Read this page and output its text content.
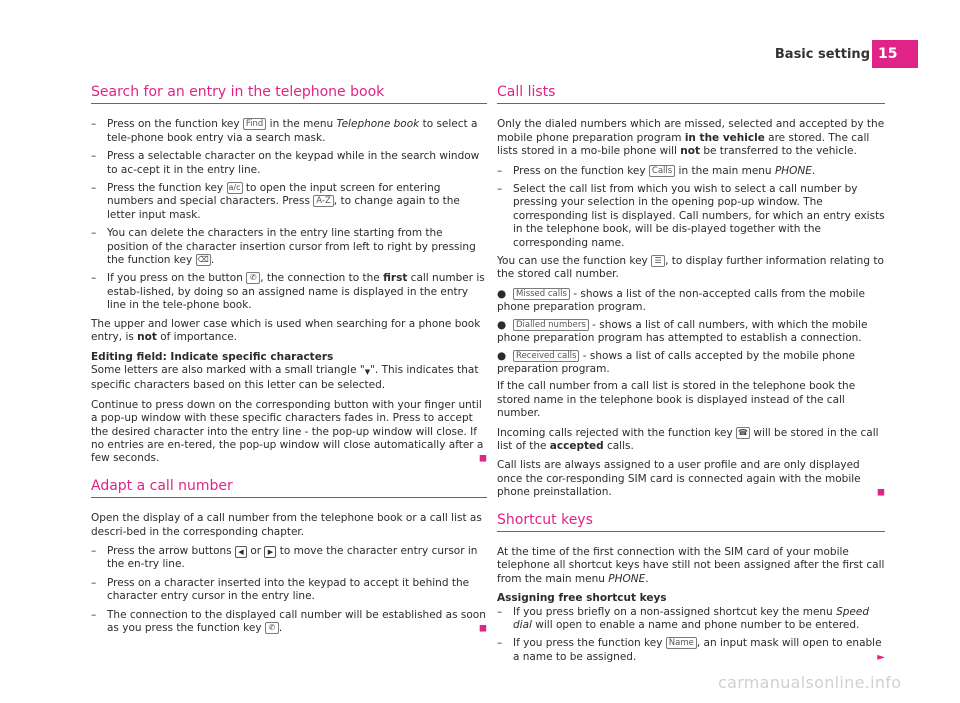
Basic setting 15
Search for an entry in the telephone book
– Press on the function key Find in the menu Telephone book to select a tele-phone book entry via a search mask.
– Press a selectable character on the keypad while in the search window to ac-cept it in the entry line.
– Press the function key a/c to open the input screen for entering numbers and special characters. Press A-Z , to change again to the letter input mask.
– You can delete the characters in the entry line starting from the position of the character insertion cursor from left to right by pressing the function key ⌫ .
– If you press on the button ✆ , the connection to the first call number is estab-lished, by doing so an assigned name is displayed in the entry line in the tele-phone book.

The upper and lower case which is used when searching for a phone book entry, is not of importance.

Editing field: Indicate specific characters

Some letters are also marked with a small triangle "▼". This indicates that specific characters based on this letter can be selected.

Continue to press down on the corresponding button with your finger until a pop-up window with these specific characters fades in. Press to accept the desired character into the entry line - the pop-up window will close. If no entries are en-tered, the pop-up window will close automatically after a few seconds.	◼

Adapt a call number

Open the display of a call number from the telephone book or a call list as descri-bed in the corresponding chapter.

– Press the arrow buttons ◀ or ▶ to move the character entry cursor in the en-try line.
– Press on a character inserted into the keypad to accept it behind the character entry cursor in the entry line.
– The connection to the displayed call number will be established as soon as you press the function key ✆ .	◼
Call lists

Only the dialed numbers which are missed, selected and accepted by the mobile phone preparation program in the vehicle are stored. The call lists stored in a mo-bile phone will not be transferred to the vehicle.

– Press on the function key Calls in the main menu PHONE.
– Select the call list from which you wish to select a call number by pressing your selection in the opening pop-up window. The corresponding list is displayed. Call numbers, for which an entry exists in the telephone book, will be dis-played together with the corresponding name.

You can use the function key ☰ , to display further information relating to the stored call number.

● Missed calls - shows a list of the non-accepted calls from the mobile phone preparation program.
● Dialled numbers - shows a list of call numbers, with which the mobile phone preparation program has attempted to establish a connection.
● Received calls - shows a list of calls accepted by the mobile phone preparation program.

If the call number from a call list is stored in the telephone book the stored name in the telephone book is displayed instead of the call number.

Incoming calls rejected with the function key ☎ will be stored in the call list of the accepted calls.

Call lists are always assigned to a user profile and are only displayed once the cor-responding SIM card is connected again with the mobile phone preinstallation.	◼

Shortcut keys

At the time of the first connection with the SIM card of your mobile telephone all shortcut keys have still not been assigned after the first call from the main menu PHONE.

Assigning free shortcut keys

– If you press briefly on a non-assigned shortcut key the menu Speed dial will open to enable a name and phone number to be entered.
– If you press the function key Name , an input mask will open to enable a name to be assigned.	►
carmanualsonline.info
